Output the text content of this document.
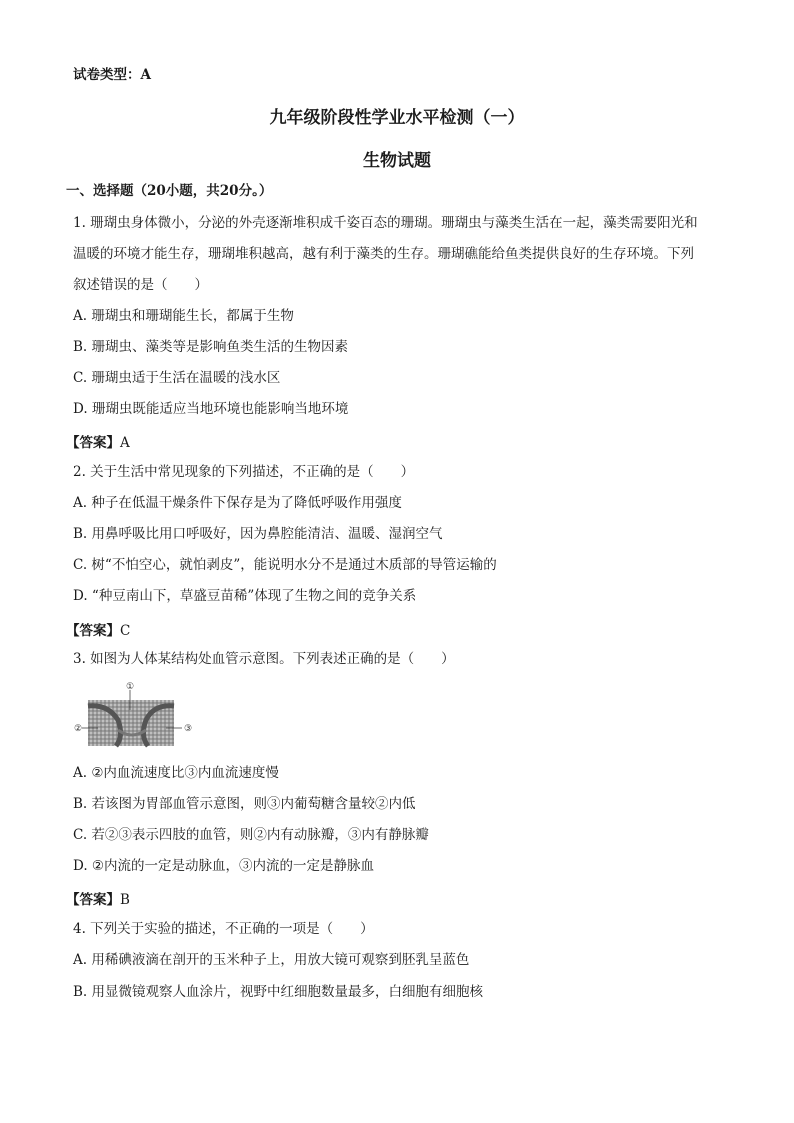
试卷类型：A
九年级阶段性学业水平检测（一）
生物试题
一、选择题（20小题，共20分。）
1. 珊瑚虫身体微小，分泌的外壳逐渐堆积成千姿百态的珊瑚。珊瑚虫与藻类生活在一起，藻类需要阳光和
温暖的环境才能生存，珊瑚堆积越高，越有利于藻类的生存。珊瑚礁能给鱼类提供良好的生存环境。下列
叙述错误的是（　　）
A. 珊瑚虫和珊瑚能生长，都属于生物
B. 珊瑚虫、藻类等是影响鱼类生活的生物因素
C. 珊瑚虫适于生活在温暖的浅水区
D. 珊瑚虫既能适应当地环境也能影响当地环境
【答案】A
2. 关于生活中常见现象的下列描述，不正确的是（　　）
A. 种子在低温干燥条件下保存是为了降低呼吸作用强度
B. 用鼻呼吸比用口呼吸好，因为鼻腔能清洁、温暖、湿润空气
C. 树“不怕空心，就怕剥皮”，能说明水分不是通过木质部的导管运输的
D. “种豆南山下，草盛豆苗稀”体现了生物之间的竞争关系
【答案】C
3. 如图为人体某结构处血管示意图。下列表述正确的是（　　）
①
②	③
A. ②内血流速度比③内血流速度慢
B. 若该图为胃部血管示意图，则③内葡萄糖含量较②内低
C. 若②③表示四肢的血管，则②内有动脉瓣，③内有静脉瓣
D. ②内流的一定是动脉血，③内流的一定是静脉血
【答案】B
4. 下列关于实验的描述，不正确的一项是（　　）
A. 用稀碘液滴在剖开的玉米种子上，用放大镜可观察到胚乳呈蓝色
B. 用显微镜观察人血涂片，视野中红细胞数量最多，白细胞有细胞核
